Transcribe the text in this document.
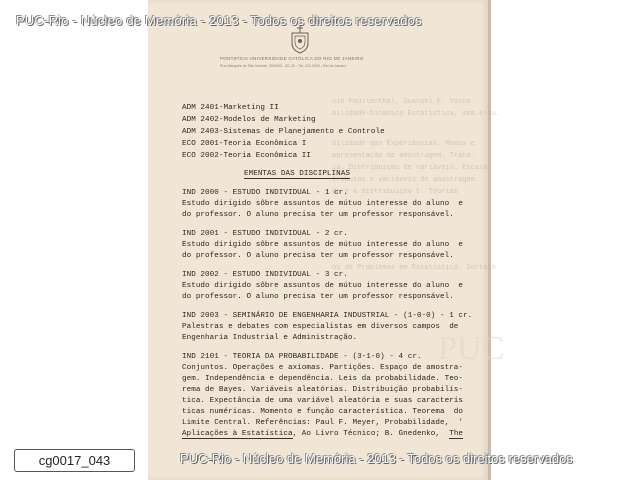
nio Paullenthal, Suanuel E. Vasco
bilidade-Dinâmico Estatística, sem.elou.
bilidade das Experiências. Modos e
apresentação de amostragem. Trata-
ia. Distribuição de variáveis. Escala
tributos e variáveis de amostragem.
de e a distribuição t. Teorias
os de Problemas em Estatística. Sorteio
PUC
PONTIFÍCIA UNIVERSIDADE CATÓLICA DO RIO DE JANEIRO
Rua Marquês de São Vicente, 209/263 - ZC-20 - Tel. 247-9033 - Rio de Janeiro
ADM 2401-Marketing II
ADM 2402-Modelos de Marketing
ADM 2403-Sistemas de Planejamento e Controle
ECO 2001-Teoria Econômica I
ECO 2002-Teoria Econômica II
EMENTAS DAS DISCIPLINAS
IND 2000 - ESTUDO INDIVIDUAL - 1 cr.
Estudo dirigido sôbre assuntos de mútuo interesse do aluno  e
do professor. O aluno precisa ter um professor responsável.
IND 2001 - ESTUDO INDIVIDUAL - 2 cr.
Estudo dirigido sôbre assuntos de mútuo interesse do aluno  e
do professor. O aluno precisa ter um professor responsável.
IND 2002 - ESTUDO INDIVIDUAL - 3 cr.
Estudo dirigido sôbre assuntos de mútuo interesse do aluno  e
do professor. O aluno precisa ter um professor responsável.
IND 2003 - SEMINÁRIO DE ENGENHARIA INDUSTRIAL - (1-0-0) - 1 cr.
Palestras e debates com especialistas em diversos campos  de
Engenharia Industrial e Administração.
IND 2101 - TEORIA DA PROBABILIDADE - (3-1-0) - 4 cr.
Conjuntos. Operações e axiomas. Partições. Espaço de amostra-
gem. Independência e dependência. Leis da probabilidade. Teo-
rema de Bayes. Variáveis aleatórias. Distribuição probabilís-
tica. Expectância de uma variável aleatória e suas caracterís
ticas numéricas. Momento e função característica. Teorema  do
Limite Central. Referências: Paul F. Meyer, Probabilidade,  '
Aplicações à Estatística, Ao Livro Técnico; B. Gnedenko,  The
PUC-Rio - Núcleo de Memória - 2013 - Todos os direitos reservados
PUC-Rio - Núcleo de Memória - 2013 - Todos os direitos reservados
cg0017_043
